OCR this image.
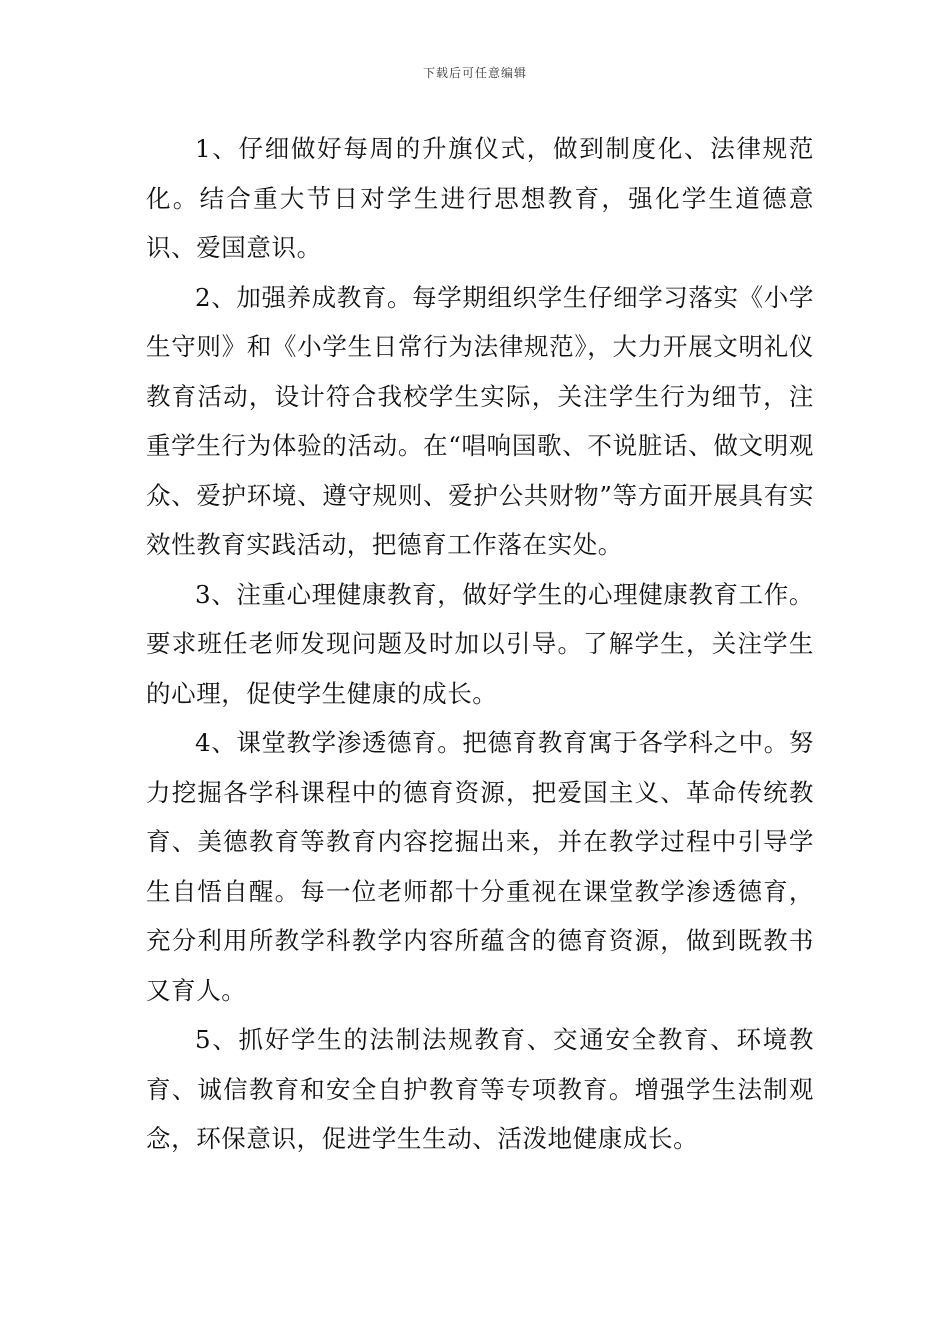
下载后可任意编辑

1、仔细做好每周的升旗仪式，做到制度化、法律规范化。结合重大节日对学生进行思想教育，强化学生道德意识、爱国意识。

2、加强养成教育。每学期组织学生仔细学习落实《小学生守则》和《小学生日常行为法律规范》，大力开展文明礼仪教育活动，设计符合我校学生实际，关注学生行为细节，注重学生行为体验的活动。在“唱响国歌、不说脏话、做文明观众、爱护环境、遵守规则、爱护公共财物”等方面开展具有实效性教育实践活动，把德育工作落在实处。

3、注重心理健康教育，做好学生的心理健康教育工作。要求班任老师发现问题及时加以引导。了解学生，关注学生的心理，促使学生健康的成长。

4、课堂教学渗透德育。把德育教育寓于各学科之中。努力挖掘各学科课程中的德育资源，把爱国主义、革命传统教育、美德教育等教育内容挖掘出来，并在教学过程中引导学生自悟自醒。每一位老师都十分重视在课堂教学渗透德育，充分利用所教学科教学内容所蕴含的德育资源，做到既教书又育人。

5、抓好学生的法制法规教育、交通安全教育、环境教育、诚信教育和安全自护教育等专项教育。增强学生法制观念，环保意识，促进学生生动、活泼地健康成长。
